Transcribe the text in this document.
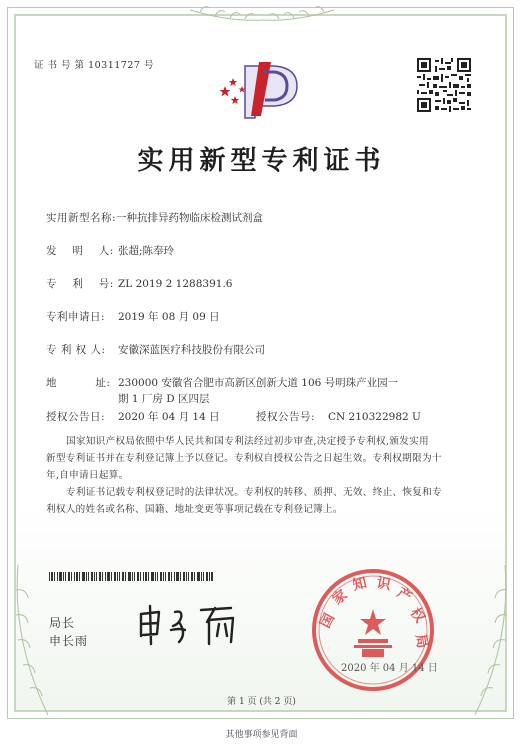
证 书 号 第 10311727 号
实用新型专利证书
实用新型名称:一种抗排异药物临床检测试剂盒
发    明    人: 张超;陈奉玲
专    利    号: ZL 2019 2 1288391.6
专利申请日: 2019 年 08 月 09 日
专 利 权 人: 安徽深蓝医疗科技股份有限公司
地          址: 230000 安徽省合肥市高新区创新大道 106 号明珠产业园一
期 1 厂房 D 区四层
授权公告日: 2020 年 04 月 14 日	授权公告号: CN 210322982 U
国家知识产权局依照中华人民共和国专利法经过初步审查,决定授予专利权,颁发实用
新型专利证书并在专利登记簿上予以登记。专利权自授权公告之日起生效。专利权期限为十
年,自申请日起算。
专利证书记载专利权登记时的法律状况。专利权的转移、质押、无效、终止、恢复和专
利权人的姓名或名称、国籍、地址变更等事项记载在专利登记簿上。
局长
申长雨
国
家
知 识
产
权
局
2020 年 04 月 14 日
第 1 页 (共 2 页)
其他事项参见背面
